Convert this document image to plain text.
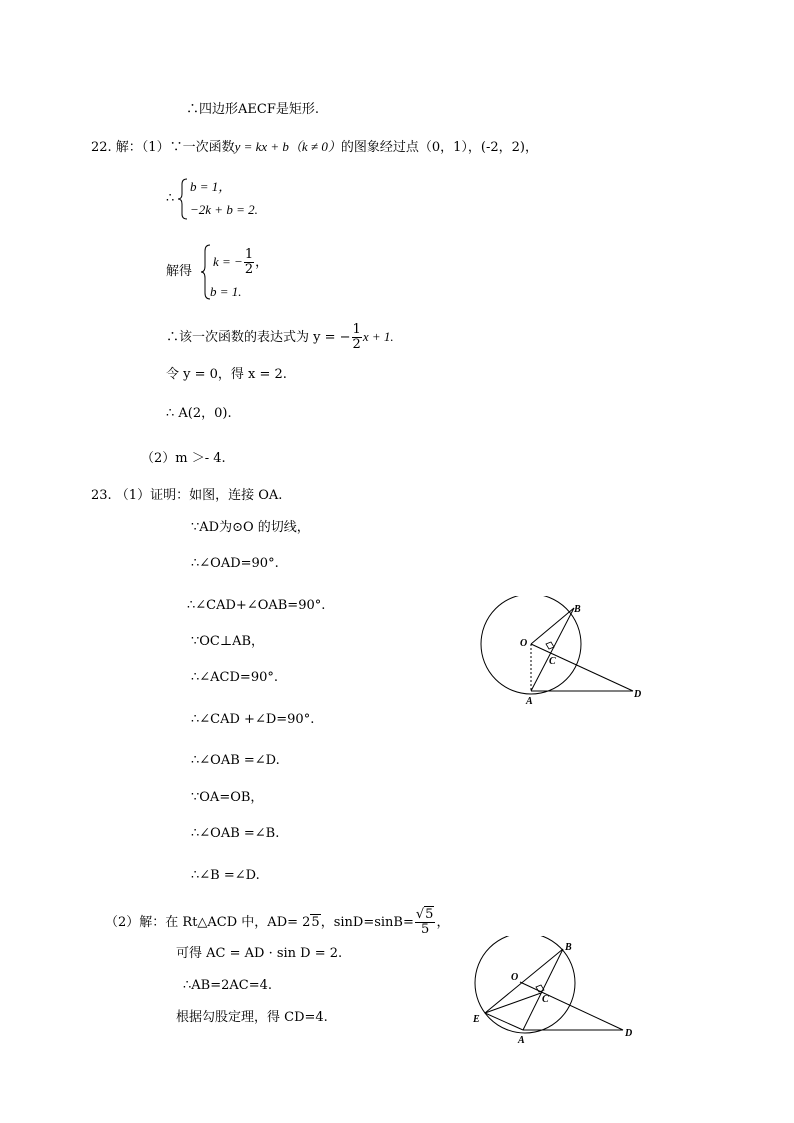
∴四边形AECF是矩形.
22. 解：（1）∵一次函数y = kx + b（k ≠ 0）的图象经过点（0，1），(-2，2)，
∴
b = 1，
−2k + b = 2.
解得
k = − $\frac{1}{2}$ ，
b = 1.
∴该一次函数的表达式为 y = − $\frac{1}{2}$ x + 1.
令 y = 0，得 x = 2.
∴ A(2，0).
（2）m ＞- 4.
23. （1）证明：如图，连接 OA.
∵AD为⊙O 的切线，
∴∠OAD=90°.
∴∠CAD+∠OAB=90°.
∵OC⊥AB，
∴∠ACD=90°.
∴∠CAD +∠D=90°.
∴∠OAB =∠D.
∵OA=OB，
∴∠OAB =∠B.
∴∠B =∠D.
（2）解：在 Rt△ACD 中，AD= 25，$\sin D=\sin B= \frac{√5}{5}$ ，
可得 AC = AD · sin D = 2.
∴AB=2AC=4.
根据勾股定理，得 CD=4.
B
O
C
A
D
B
O
C
E
A
D
